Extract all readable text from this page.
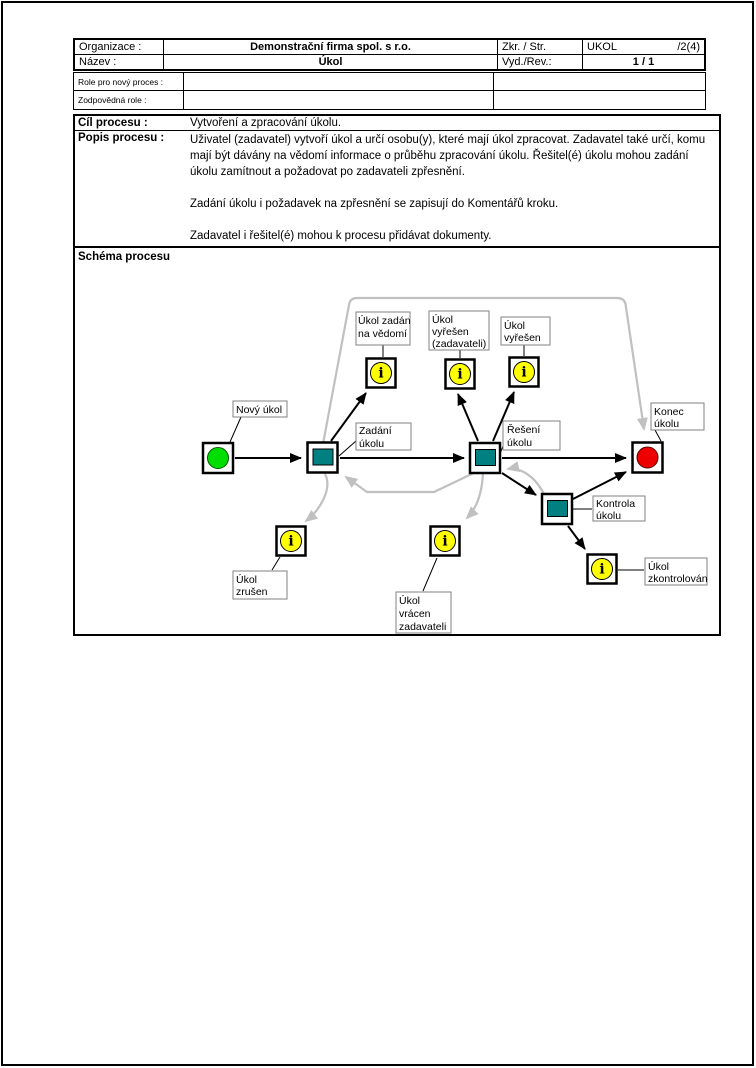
Organizace :	Demonstrační firma spol. s r.o.	Zkr. / Str.	UKOL	/2(4)
Název :	Úkol	Vyd./Rev.:	1 / 1
Role pro nový proces :
Zodpovědná role :
Cíl procesu :	Vytvoření a zpracování úkolu.
Popis procesu :	Uživatel (zadavatel) vytvoří úkol a určí osobu(y), které mají úkol zpracovat. Zadavatel také určí, komu mají být dávány na vědomí informace o průběhu zpracování úkolu. Řešitel(é) úkolu mohou zadání úkolu zamítnout a požadovat po zadavateli zpřesnění.
Zadání úkolu i požadavek na zpřesnění se zapisují do Komentářů kroku.
Zadavatel i řešitel(é) mohou k procesu přidávat dokumenty.
Schéma procesu
i	i	i
i	i
i
Nový úkol
Zadání
úkolu
Řešení
úkolu
Konec
úkolu
Kontrola
úkolu
Úkol zadán
na vědomí
Úkol
vyřešen
(zadavateli)
Úkol
vyřešen
Úkol
zrušen
Úkol
vrácen
zadavateli
Úkol
zkontrolován
